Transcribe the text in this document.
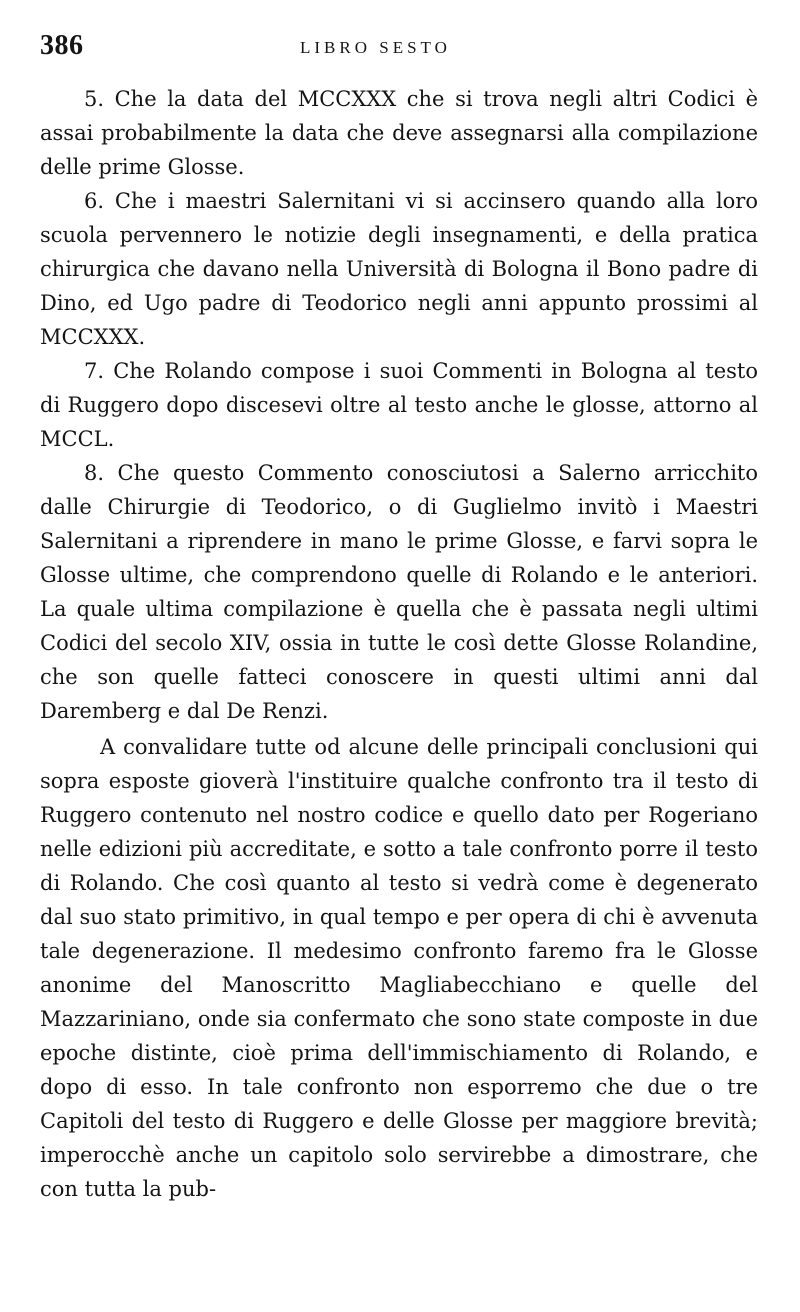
386	LIBRO SESTO

5. Che la data del MCCXXX che si trova negli altri Codici è assai probabilmente la data che deve assegnarsi alla compilazione delle prime Glosse.

6. Che i maestri Salernitani vi si accinsero quando alla loro scuola pervennero le notizie degli insegnamenti, e della pratica chirurgica che davano nella Università di Bologna il Bono padre di Dino, ed Ugo padre di Teodorico negli anni appunto prossimi al MCCXXX.

7. Che Rolando compose i suoi Commenti in Bologna al testo di Ruggero dopo discesevi oltre al testo anche le glosse, attorno al MCCL.

8. Che questo Commento conosciutosi a Salerno arricchito dalle Chirurgie di Teodorico, o di Guglielmo invitò i Maestri Salernitani a riprendere in mano le prime Glosse, e farvi sopra le Glosse ultime, che comprendono quelle di Rolando e le anteriori. La quale ultima compilazione è quella che è passata negli ultimi Codici del secolo XIV, ossia in tutte le così dette Glosse Rolandine, che son quelle fatteci conoscere in questi ultimi anni dal Daremberg e dal De Renzi.

A convalidare tutte od alcune delle principali conclusioni qui sopra esposte gioverà l'instituire qualche confronto tra il testo di Ruggero contenuto nel nostro codice e quello dato per Rogeriano nelle edizioni più accreditate, e sotto a tale confronto porre il testo di Rolando. Che così quanto al testo si vedrà come è degenerato dal suo stato primitivo, in qual tempo e per opera di chi è avvenuta tale degenerazione. Il medesimo confronto faremo fra le Glosse anonime del Manoscritto Magliabecchiano e quelle del Mazzariniano, onde sia confermato che sono state composte in due epoche distinte, cioè prima dell'immischiamento di Rolando, e dopo di esso. In tale confronto non esporremo che due o tre Capitoli del testo di Ruggero e delle Glosse per maggiore brevità; imperocchè anche un capitolo solo servirebbe a dimostrare, che con tutta la pub-
